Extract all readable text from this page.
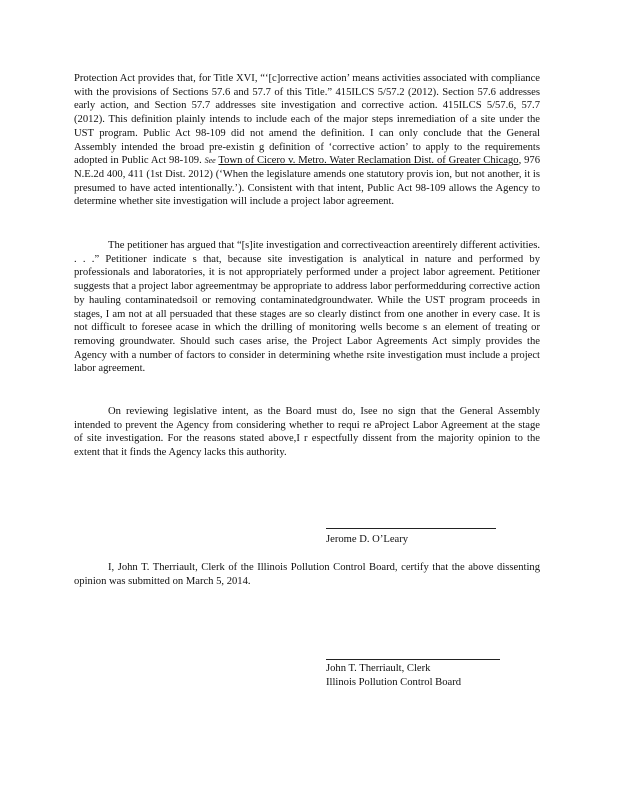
Protection Act provides that, for Title XVI, “‘[c]orrective action’ means activities associated with compliance with the provisions of Sections 57.6 and 57.7 of this Title.” 415ILCS 5/57.2 (2012). Section 57.6 addresses early action, and Section 57.7 addresses site investigation and corrective action. 415ILCS 5/57.6, 57.7 (2012). This definition plainly intends to include each of the major steps inremediation of a site under the UST program. Public Act 98-109 did not amend the definition. I can only conclude that the General Assembly intended the broad pre-existin g definition of ‘corrective action’ to apply to the requirements adopted in Public Act 98-109. See Town of Cicero v. Metro. Water Reclamation Dist. of Greater Chicago, 976 N.E.2d 400, 411 (1st Dist. 2012) (‘When the legislature amends one statutory provis ion, but not another, it is presumed to have acted intentionally.’). Consistent with that intent, Public Act 98-109 allows the Agency to determine whether site investigation will include a project labor agreement.

The petitioner has argued that “[s]ite investigation and correctiveaction areentirely different activities. . . .” Petitioner indicate s that, because site investigation is analytical in nature and performed by professionals and laboratories, it is not appropriately performed under a project labor agreement. Petitioner suggests that a project labor agreementmay be appropriate to address labor performedduring corrective action by hauling contaminatedsoil or removing contaminatedgroundwater. While the UST program proceeds in stages, I am not at all persuaded that these stages are so clearly distinct from one another in every case. It is not difficult to foresee acase in which the drilling of monitoring wells become s an element of treating or removing groundwater. Should such cases arise, the Project Labor Agreements Act simply provides the Agency with a number of factors to consider in determining whethe rsite investigation must include a project labor agreement.

On reviewing legislative intent, as the Board must do, Isee no sign that the General Assembly intended to prevent the Agency from considering whether to requi re aProject Labor Agreement at the stage of site investigation. For the reasons stated above,I r espectfully dissent from the majority opinion to the extent that it finds the Agency lacks this authority.

Jerome D. O’Leary

I, John T. Therriault, Clerk of the Illinois Pollution Control Board, certify that the above dissenting opinion was submitted on March 5, 2014.

John T. Therriault, Clerk

Illinois Pollution Control Board
